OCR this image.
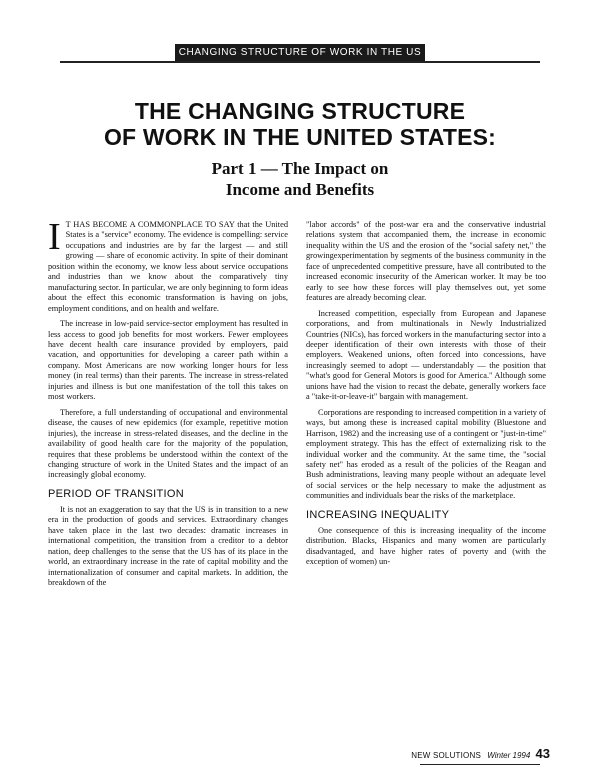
CHANGING STRUCTURE OF WORK IN THE US
THE CHANGING STRUCTURE
OF WORK IN THE UNITED STATES:
Part 1 — The Impact on
Income and Benefits

I T HAS BECOME A COMMONPLACE TO SAY that the United States is a "service" economy. The evidence is compelling: service occupations and industries are by far the largest — and still growing — share of economic activity. In spite of their dominant position within the economy, we know less about service occupations and industries than we know about the comparatively tiny manufacturing sector. In particular, we are only beginning to form ideas about the effect this economic transformation is having on jobs, employment conditions, and on health and welfare.

The increase in low-paid service-sector employment has resulted in less access to good job benefits for most workers. Fewer employees have decent health care insurance provided by employers, paid vacation, and opportunities for developing a career path within a company. Most Americans are now working longer hours for less money (in real terms) than their parents. The increase in stress-related injuries and illness is but one manifestation of the toll this takes on most workers.

Therefore, a full understanding of occupational and environmental disease, the causes of new epidemics (for example, repetitive motion injuries), the increase in stress-related diseases, and the decline in the availability of good health care for the majority of the population, requires that these problems be understood within the context of the changing structure of work in the United States and the impact of an increasingly global economy.

PERIOD OF TRANSITION

It is not an exaggeration to say that the US is in transition to a new era in the production of goods and services. Extraordinary changes have taken place in the last two decades: dramatic increases in international competition, the transition from a creditor to a debtor nation, deep challenges to the sense that the US has of its place in the world, an extraordinary increase in the rate of capital mobility and the internationalization of consumer and capital markets. In addition, the breakdown of the

"labor accords" of the post-war era and the conservative industrial relations system that accompanied them, the increase in economic inequality within the US and the erosion of the "social safety net," the growingexperimentation by segments of the business community in the face of unprecedented competitive pressure, have all contributed to the increased economic insecurity of the American worker. It may be too early to see how these forces will play themselves out, yet some features are already becoming clear.

Increased competition, especially from European and Japanese corporations, and from multinationals in Newly Industrialized Countries (NICs), has forced workers in the manufacturing sector into a deeper identification of their own interests with those of their employers. Weakened unions, often forced into concessions, have increasingly seemed to adopt — understandably — the position that "what's good for General Motors is good for America." Although some unions have had the vision to recast the debate, generally workers face a "take-it-or-leave-it" bargain with management.

Corporations are responding to increased competition in a variety of ways, but among these is increased capital mobility (Bluestone and Harrison, 1982) and the increasing use of a contingent or "just-in-time" employment strategy. This has the effect of externalizing risk to the individual worker and the community. At the same time, the "social safety net" has eroded as a result of the policies of the Reagan and Bush administrations, leaving many people without an adequate level of social services or the help necessary to make the adjustment as communities and individuals bear the risks of the marketplace.

INCREASING INEQUALITY

One consequence of this is increasing inequality of the income distribution. Blacks, Hispanics and many women are particularly disadvantaged, and have higher rates of poverty and (with the exception of women) un-

NEW SOLUTIONS Winter 1994 43
